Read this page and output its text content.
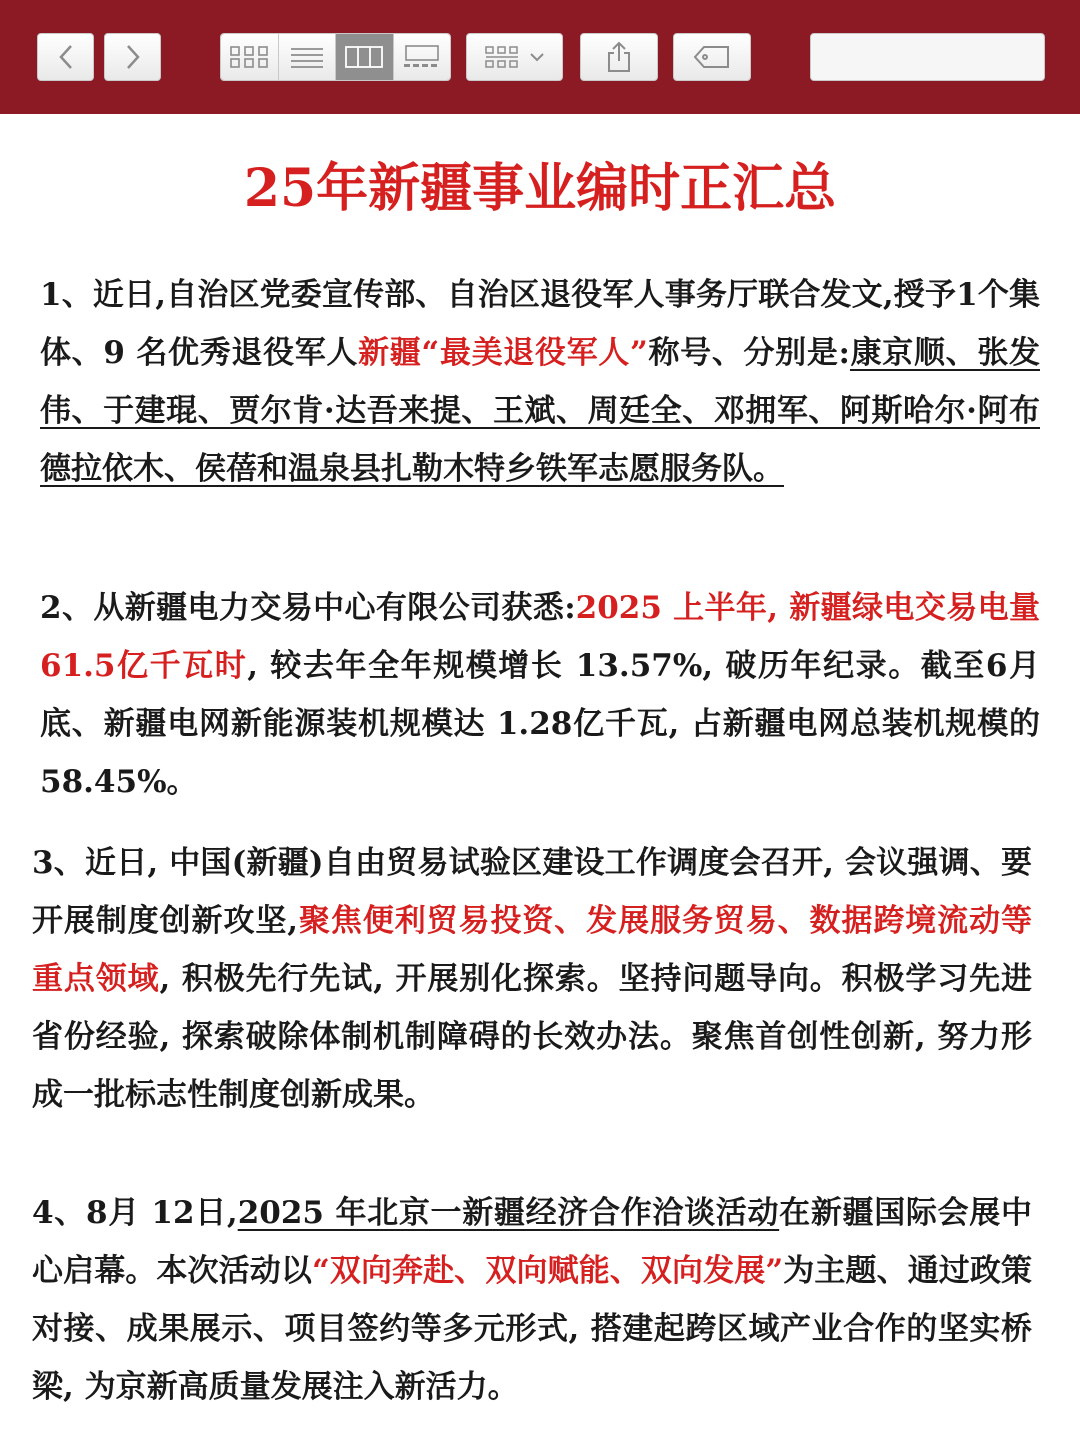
25年新疆事业编时正汇总

1、近日,自治区党委宣传部、自治区退役军人事务厅联合发文,授予1个集体、9 名优秀退役军人新疆“最美退役军人”称号、分别是:康京顺、张发伟、于建琨、贾尔肯·达吾来提、王斌、周廷全、邓拥军、阿斯哈尔·阿布德拉依木、侯蓓和温泉县扎勒木特乡铁军志愿服务队。

2、从新疆电力交易中心有限公司获悉:2025 上半年, 新疆绿电交易电量 61.5亿千瓦时, 较去年全年规模增长 13.57%, 破历年纪录。截至6月底、新疆电网新能源装机规模达 1.28亿千瓦, 占新疆电网总装机规模的 58.45%。

3、近日, 中国(新疆)自由贸易试验区建设工作调度会召开, 会议强调、要开展制度创新攻坚,聚焦便利贸易投资、发展服务贸易、数据跨境流动等重点领域, 积极先行先试, 开展别化探索。坚持问题导向。积极学习先进省份经验, 探索破除体制机制障碍的长效办法。聚焦首创性创新, 努力形成一批标志性制度创新成果。

4、8月 12日,2025 年北京一新疆经济合作洽谈活动在新疆国际会展中心启幕。本次活动以“双向奔赴、双向赋能、双向发展”为主题、通过政策对接、成果展示、项目签约等多元形式, 搭建起跨区域产业合作的坚实桥梁, 为京新高质量发展注入新活力。
